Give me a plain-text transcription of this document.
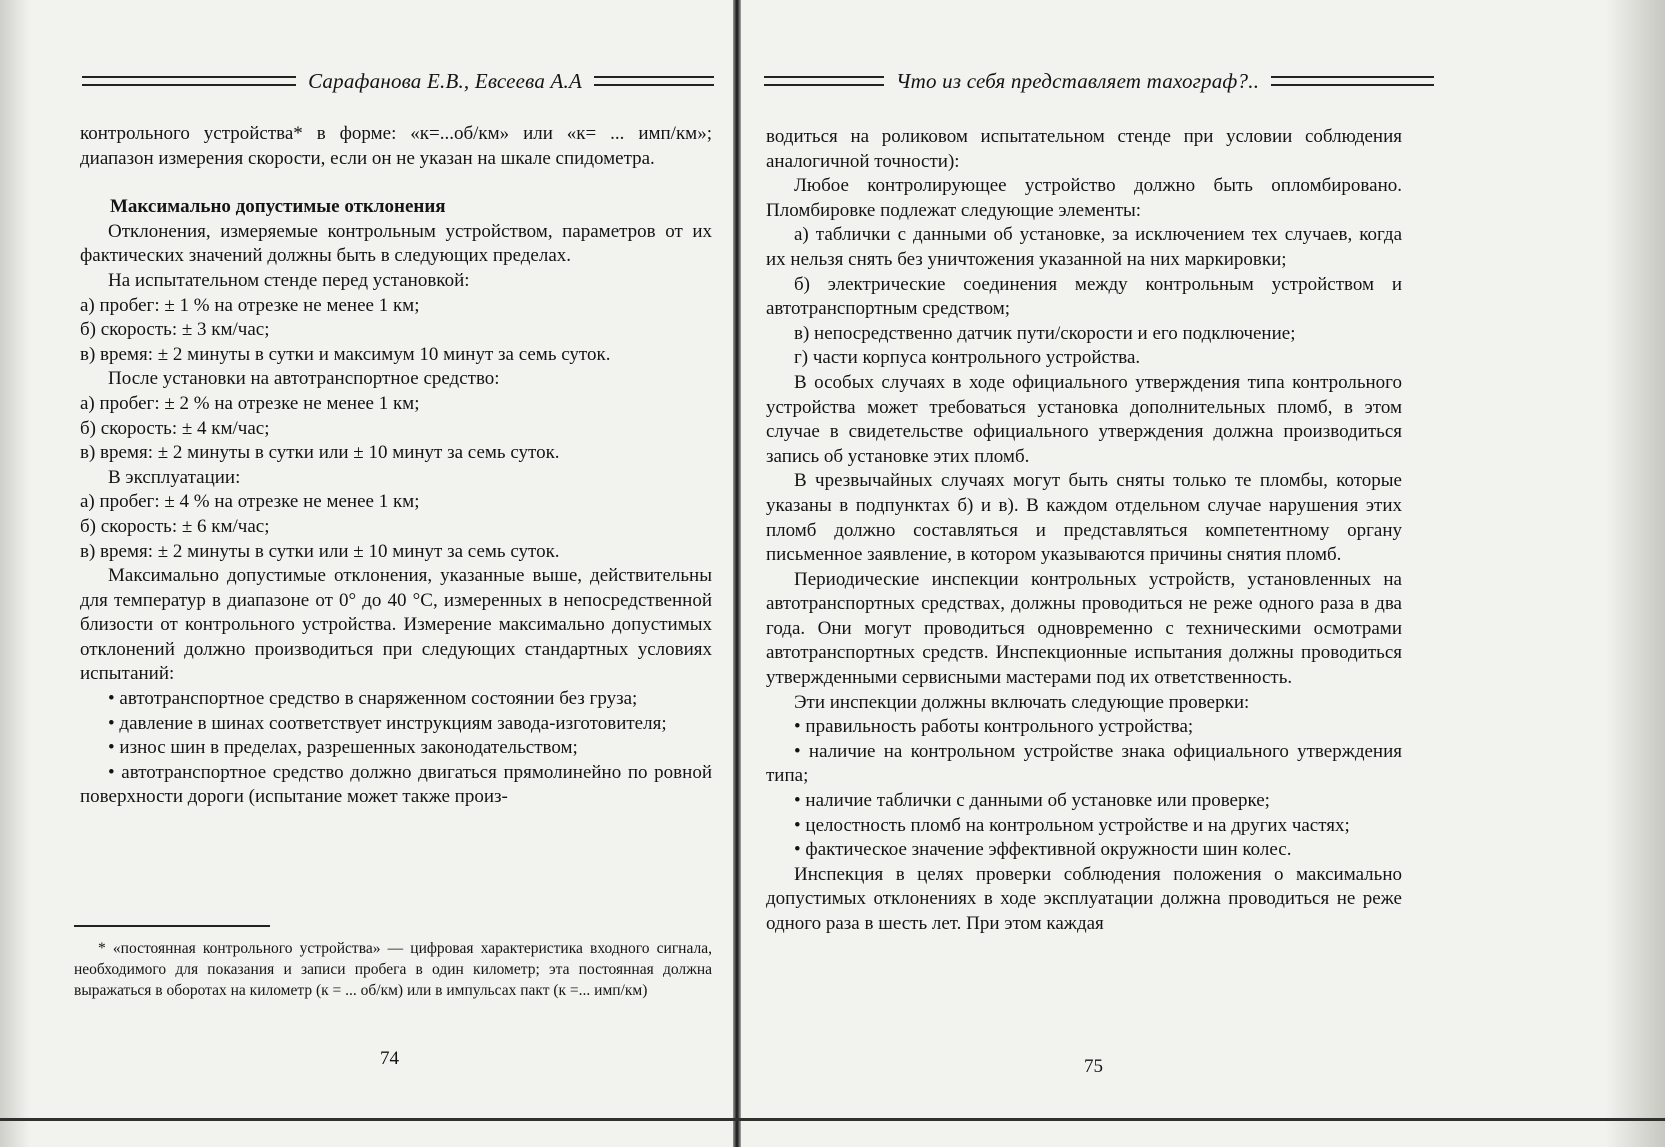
Сарафанова Е.В., Евсеева А.А

контрольного устройства* в форме: «к=...об/км» или «к= ... имп/км»; диапазон измерения скорости, если он не указан на шкале спидометра.

Максимально допустимые отклонения

Отклонения, измеряемые контрольным устройством, параметров от их фактических значений должны быть в следующих пределах.

На испытательном стенде перед установкой:

а) пробег: ± 1 % на отрезке не менее 1 км;

б) скорость: ± 3 км/час;

в) время: ± 2 минуты в сутки и максимум 10 минут за семь суток.

После установки на автотранспортное средство:

а) пробег: ± 2 % на отрезке не менее 1 км;

б) скорость: ± 4 км/час;

в) время: ± 2 минуты в сутки или ± 10 минут за семь суток.

В эксплуатации:

а) пробег: ± 4 % на отрезке не менее 1 км;

б) скорость: ± 6 км/час;

в) время: ± 2 минуты в сутки или ± 10 минут за семь суток.

Максимально допустимые отклонения, указанные выше, действительны для температур в диапазоне от 0° до 40 °С, измеренных в непосредственной близости от контрольного устройства. Измерение максимально допустимых отклонений должно производиться при следующих стандартных условиях испытаний:

• автотранспортное средство в снаряженном состоянии без груза;

• давление в шинах соответствует инструкциям завода-изготовителя;

• износ шин в пределах, разрешенных законодательством;

• автотранспортное средство должно двигаться прямолинейно по ровной поверхности дороги (испытание может также произ-

* «постоянная контрольного устройства» — цифровая характеристика входного сигнала, необходимого для показания и записи пробега в один километр; эта постоянная должна выражаться в оборотах на километр (к = ... об/км) или в импульсах пакт (к =... имп/км)

74
Что из себя представляет тахограф?..

водиться на роликовом испытательном стенде при условии соблюдения аналогичной точности):

Любое контролирующее устройство должно быть опломбировано. Пломбировке подлежат следующие элементы:

а) таблички с данными об установке, за исключением тех случаев, когда их нельзя снять без уничтожения указанной на них маркировки;

б) электрические соединения между контрольным устройством и автотранспортным средством;

в) непосредственно датчик пути/скорости и его подключение;

г) части корпуса контрольного устройства.

В особых случаях в ходе официального утверждения типа контрольного устройства может требоваться установка дополнительных пломб, в этом случае в свидетельстве официального утверждения должна производиться запись об установке этих пломб.

В чрезвычайных случаях могут быть сняты только те пломбы, которые указаны в подпунктах б) и в). В каждом отдельном случае нарушения этих пломб должно составляться и представляться компетентному органу письменное заявление, в котором указываются причины снятия пломб.

Периодические инспекции контрольных устройств, установленных на автотранспортных средствах, должны проводиться не реже одного раза в два года. Они могут проводиться одновременно с техническими осмотрами автотранспортных средств. Инспекционные испытания должны проводиться утвержденными сервисными мастерами под их ответственность.

Эти инспекции должны включать следующие проверки:

• правильность работы контрольного устройства;

• наличие на контрольном устройстве знака официального утверждения типа;

• наличие таблички с данными об установке или проверке;

• целостность пломб на контрольном устройстве и на других частях;

• фактическое значение эффективной окружности шин колес.

Инспекция в целях проверки соблюдения положения о максимально допустимых отклонениях в ходе эксплуатации должна проводиться не реже одного раза в шесть лет. При этом каждая

75
